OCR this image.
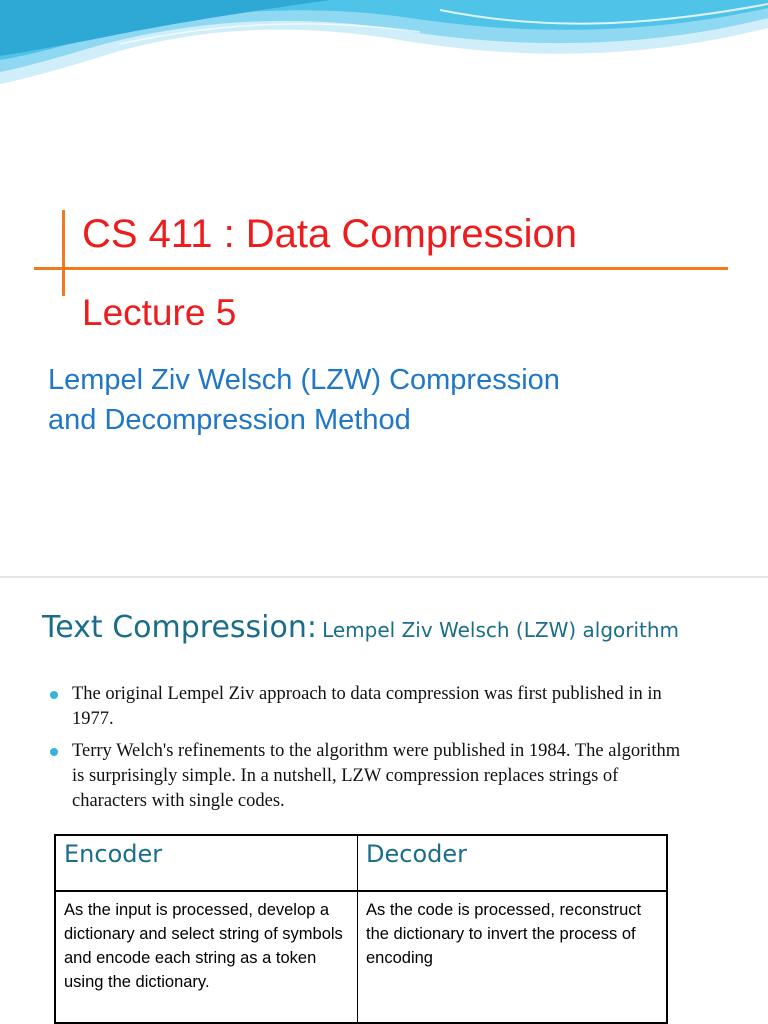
CS 411 : Data Compression
Lecture 5
Lempel Ziv Welsch (LZW) Compression
and Decompression Method
Text Compression: Lempel Ziv Welsch (LZW) algorithm
The original Lempel Ziv approach to data compression was first published in in 1977.
Terry Welch's refinements to the algorithm were published in 1984. The algorithm is surprisingly simple. In a nutshell, LZW compression replaces strings of characters with single codes.
Encoder	Decoder
As the input is processed, develop a dictionary and select string of symbols and encode each string as a token using the dictionary.	As the code is processed, reconstruct the dictionary to invert the process of encoding
